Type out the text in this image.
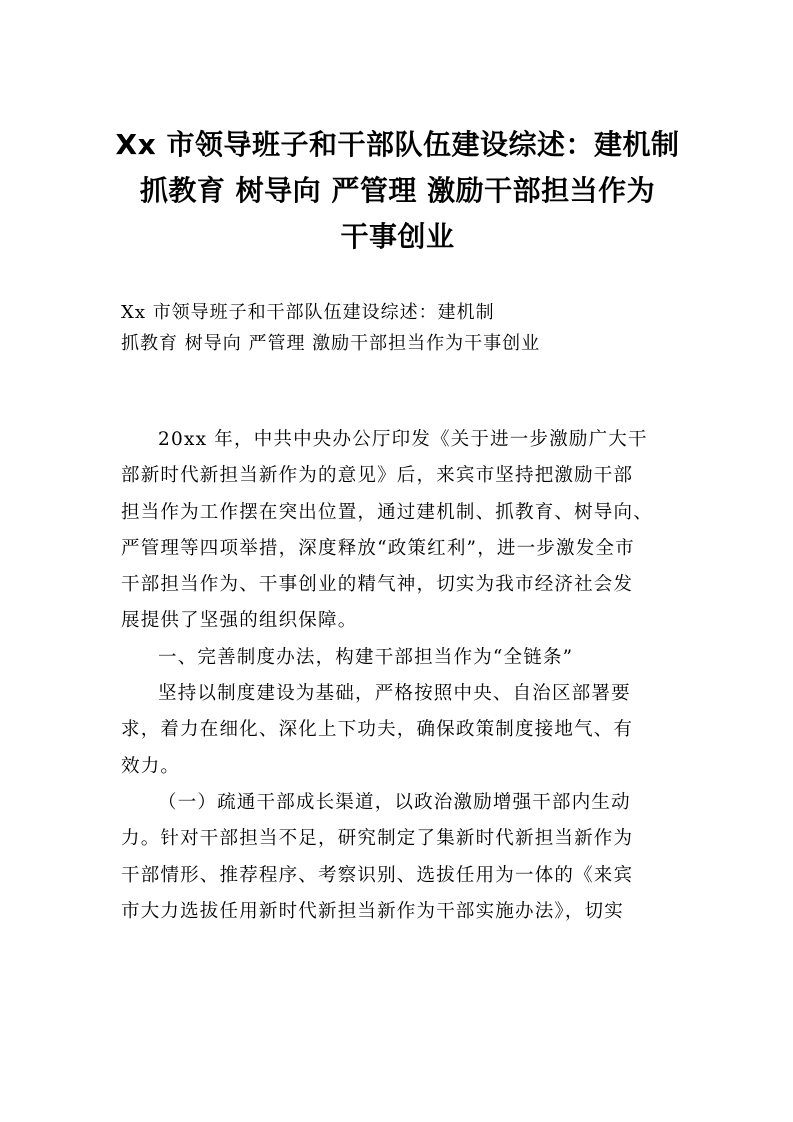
Xx 市领导班子和干部队伍建设综述：建机制
抓教育 树导向 严管理 激励干部担当作为
干事创业
Xx 市领导班子和干部队伍建设综述：建机制
抓教育 树导向 严管理 激励干部担当作为干事创业
20xx 年，中共中央办公厅印发《关于进一步激励广大干
部新时代新担当新作为的意见》后，来宾市坚持把激励干部
担当作为工作摆在突出位置，通过建机制、抓教育、树导向、
严管理等四项举措，深度释放“政策红利”，进一步激发全市
干部担当作为、干事创业的精气神，切实为我市经济社会发
展提供了坚强的组织保障。
一、完善制度办法，构建干部担当作为“全链条”
坚持以制度建设为基础，严格按照中央、自治区部署要
求，着力在细化、深化上下功夫，确保政策制度接地气、有
效力。
（一）疏通干部成长渠道，以政治激励增强干部内生动
力。针对干部担当不足，研究制定了集新时代新担当新作为
干部情形、推荐程序、考察识别、选拔任用为一体的《来宾
市大力选拔任用新时代新担当新作为干部实施办法》，切实
